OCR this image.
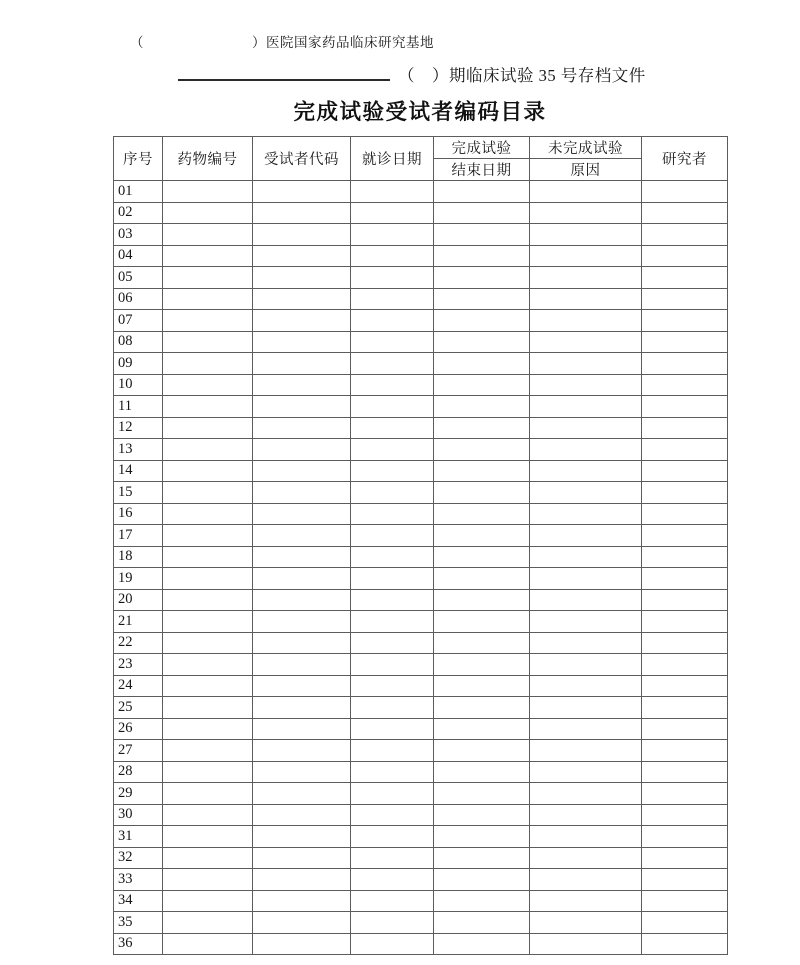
（	）医院国家药品临床研究基地
（　）期临床试验 35 号存档文件
完成试验受试者编码目录
序号	药物编号	受试者代码	就诊日期	完成试验	未完成试验	研究者
				结束日期	原因	
01						
02						
03						
04						
05						
06						
07						
08						
09						
10						
11						
12						
13						
14						
15						
16						
17						
18						
19						
20						
21						
22						
23						
24						
25						
26						
27						
28						
29						
30						
31						
32						
33						
34						
35						
36						
